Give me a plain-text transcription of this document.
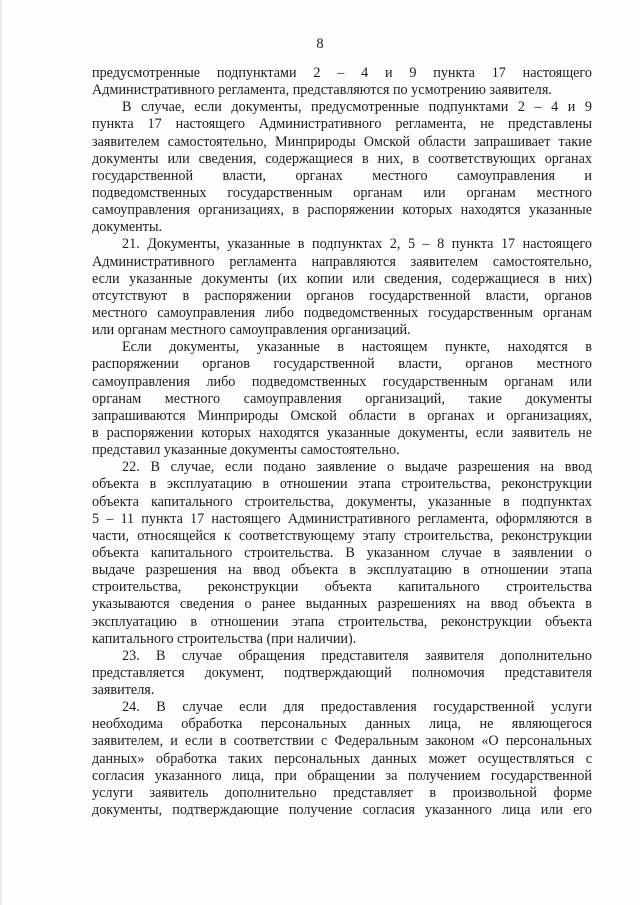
8
предусмотренные подпунктами 2 – 4 и 9 пункта 17 настоящего
Административного регламента, представляются по усмотрению заявителя.
В случае, если документы, предусмотренные подпунктами 2 – 4 и 9
пункта 17 настоящего Административного регламента, не представлены
заявителем самостоятельно, Минприроды Омской области запрашивает такие
документы или сведения, содержащиеся в них, в соответствующих органах
государственной власти, органах местного самоуправления и
подведомственных государственным органам или органам местного
самоуправления организациях, в распоряжении которых находятся указанные
документы.
21. Документы, указанные в подпунктах 2, 5 – 8 пункта 17 настоящего
Административного регламента направляются заявителем самостоятельно,
если указанные документы (их копии или сведения, содержащиеся в них)
отсутствуют в распоряжении органов государственной власти, органов
местного самоуправления либо подведомственных государственным органам
или органам местного самоуправления организаций.
Если документы, указанные в настоящем пункте, находятся в
распоряжении органов государственной власти, органов местного
самоуправления либо подведомственных государственным органам или
органам местного самоуправления организаций, такие документы
запрашиваются Минприроды Омской области в органах и организациях,
в распоряжении которых находятся указанные документы, если заявитель не
представил указанные документы самостоятельно.
22. В случае, если подано заявление о выдаче разрешения на ввод
объекта в эксплуатацию в отношении этапа строительства, реконструкции
объекта капитального строительства, документы, указанные в подпунктах
5 – 11 пункта 17 настоящего Административного регламента, оформляются в
части, относящейся к соответствующему этапу строительства, реконструкции
объекта капитального строительства. В указанном случае в заявлении о
выдаче разрешения на ввод объекта в эксплуатацию в отношении этапа
строительства, реконструкции объекта капитального строительства
указываются сведения о ранее выданных разрешениях на ввод объекта в
эксплуатацию в отношении этапа строительства, реконструкции объекта
капитального строительства (при наличии).
23. В случае обращения представителя заявителя дополнительно
представляется документ, подтверждающий полномочия представителя
заявителя.
24. В случае если для предоставления государственной услуги
необходима обработка персональных данных лица, не являющегося
заявителем, и если в соответствии с Федеральным законом «О персональных
данных» обработка таких персональных данных может осуществляться с
согласия указанного лица, при обращении за получением государственной
услуги заявитель дополнительно представляет в произвольной форме
документы, подтверждающие получение согласия указанного лица или его
